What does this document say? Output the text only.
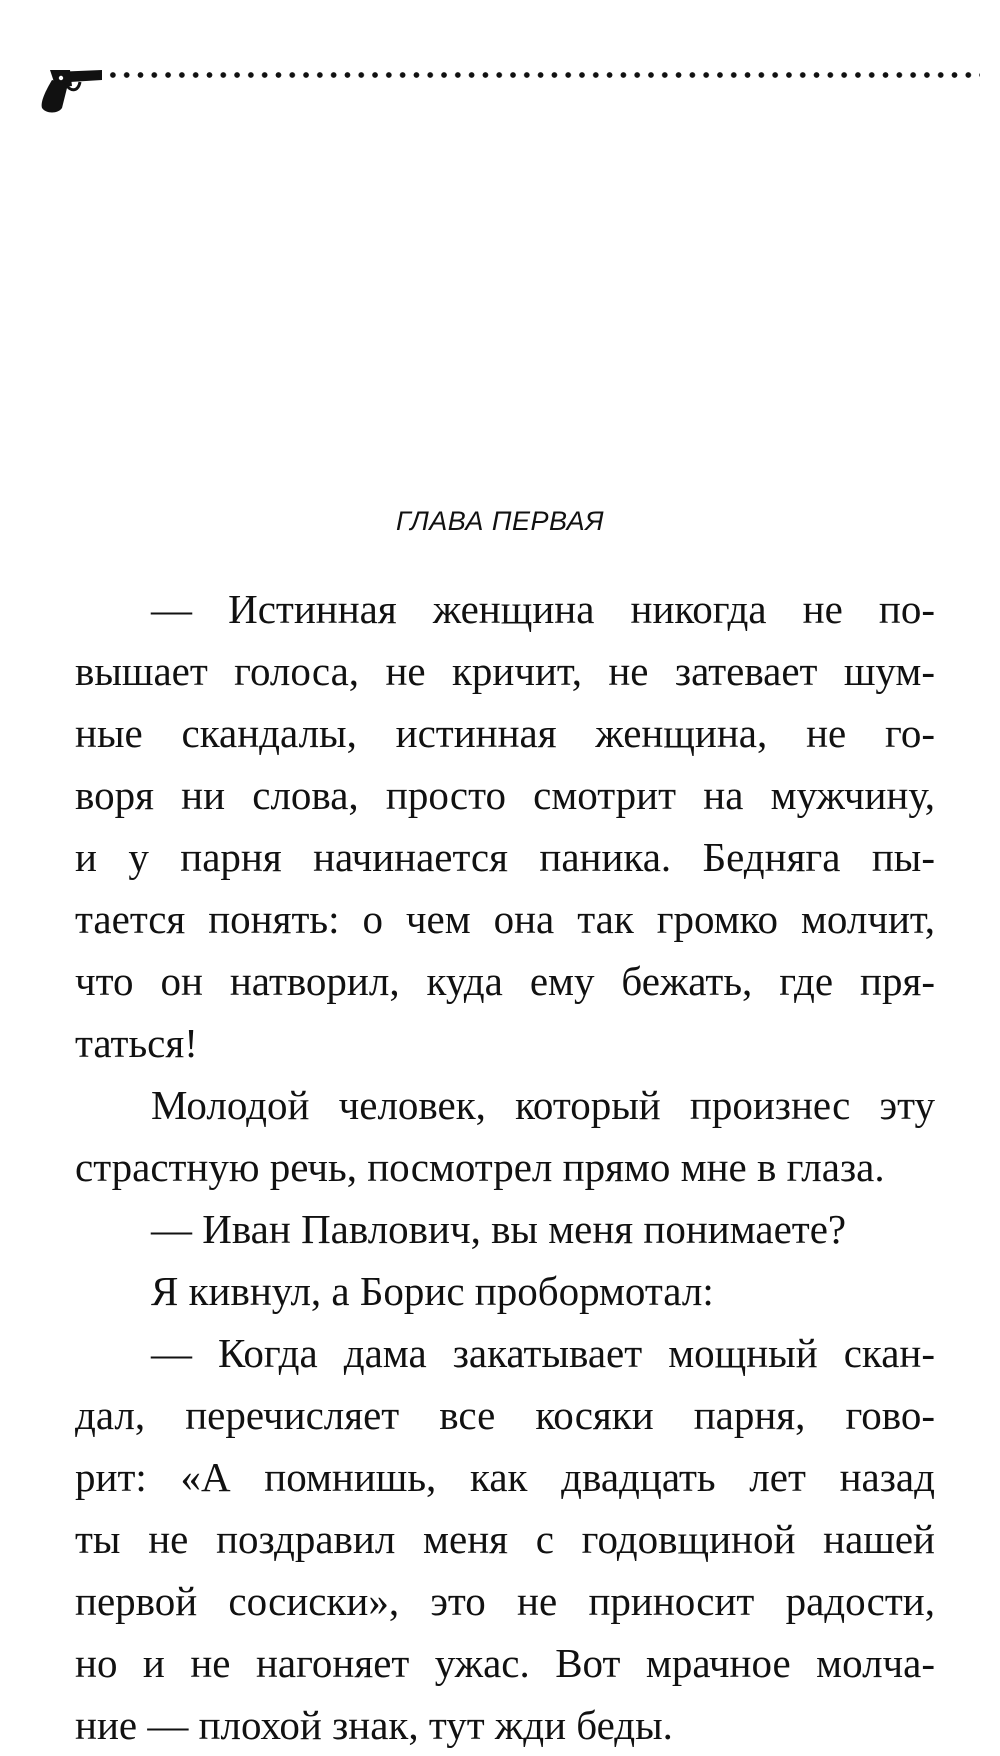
ГЛАВА ПЕРВАЯ
— Истинная женщина никогда не по-
вышает голоса, не кричит, не затевает шум-
ные скандалы, истинная женщина, не го-
воря ни слова, просто смотрит на мужчину,
и у парня начинается паника. Бедняга пы-
тается понять: о чем она так громко молчит,
что он натворил, куда ему бежать, где пря-
таться!
Молодой человек, который произнес эту
страстную речь, посмотрел прямо мне в глаза.
— Иван Павлович, вы меня понимаете?
Я кивнул, а Борис пробормотал:
— Когда дама закатывает мощный скан-
дал, перечисляет все косяки парня, гово-
рит: «А помнишь, как двадцать лет назад
ты не поздравил меня с годовщиной нашей
первой сосиски», это не приносит радости,
но и не нагоняет ужас. Вот мрачное молча-
ние — плохой знак, тут жди беды.
